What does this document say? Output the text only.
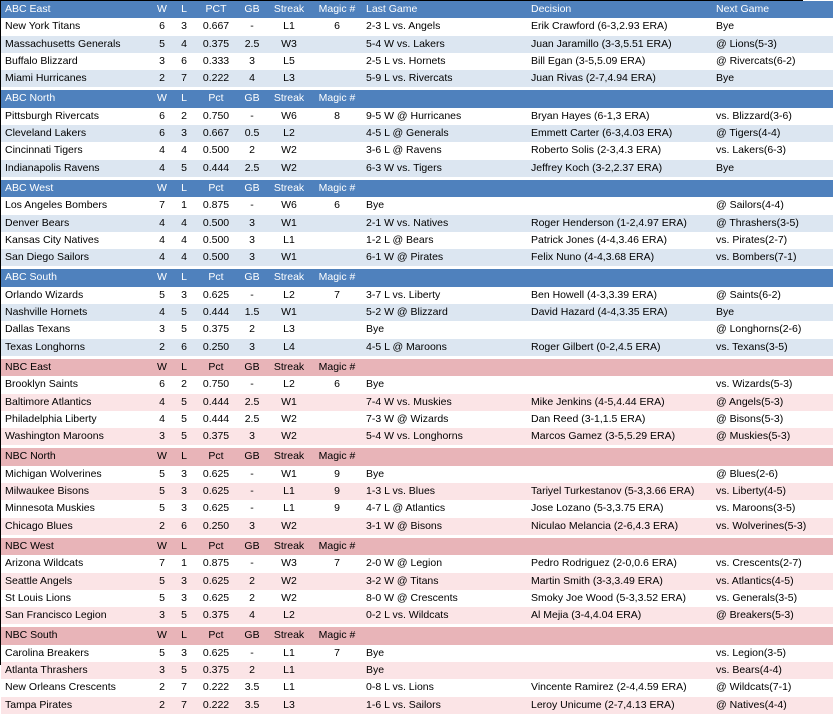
ABC East	W	L	PCT	GB	Streak	Magic #	Last Game	Decision	Next Game
New York Titans	6	3	0.667	-	L1	6	2-3 L vs. Angels	Erik Crawford (6-3,2.93 ERA)	Bye
Massachusetts Generals	5	4	0.375	2.5	W3		5-4 W vs. Lakers	Juan Jaramillo (3-3,5.51 ERA)	@ Lions(5-3)
Buffalo Blizzard	3	6	0.333	3	L5		2-5 L vs. Hornets	Bill Egan (3-5,5.09 ERA)	@ Rivercats(6-2)
Miami Hurricanes	2	7	0.222	4	L3		5-9 L vs. Rivercats	Juan Rivas (2-7,4.94 ERA)	Bye

ABC North	W	L	Pct	GB	Streak	Magic #			
Pittsburgh Rivercats	6	2	0.750	-	W6	8	9-5 W @ Hurricanes	Bryan Hayes (6-1,3 ERA)	vs. Blizzard(3-6)
Cleveland Lakers	6	3	0.667	0.5	L2		4-5 L @ Generals	Emmett Carter (6-3,4.03 ERA)	@ Tigers(4-4)
Cincinnati Tigers	4	4	0.500	2	W2		3-6 L @ Ravens	Roberto Solis (2-3,4.3 ERA)	vs. Lakers(6-3)
Indianapolis Ravens	4	5	0.444	2.5	W2		6-3 W vs. Tigers	Jeffrey Koch (3-2,2.37 ERA)	Bye

ABC West	W	L	Pct	GB	Streak	Magic #			
Los Angeles Bombers	7	1	0.875	-	W6	6	Bye		@ Sailors(4-4)
Denver Bears	4	4	0.500	3	W1		2-1 W vs. Natives	Roger Henderson (1-2,4.97 ERA)	@ Thrashers(3-5)
Kansas City Natives	4	4	0.500	3	L1		1-2 L @ Bears	Patrick Jones (4-4,3.46 ERA)	vs. Pirates(2-7)
San Diego Sailors	4	4	0.500	3	W1		6-1 W @ Pirates	Felix Nuno (4-4,3.68 ERA)	vs. Bombers(7-1)

ABC South	W	L	Pct	GB	Streak	Magic #			
Orlando Wizards	5	3	0.625	-	L2	7	3-7 L vs. Liberty	Ben Howell (4-3,3.39 ERA)	@ Saints(6-2)
Nashville Hornets	4	5	0.444	1.5	W1		5-2 W @ Blizzard	David Hazard (4-4,3.35 ERA)	Bye
Dallas Texans	3	5	0.375	2	L3		Bye		@ Longhorns(2-6)
Texas Longhorns	2	6	0.250	3	L4		4-5 L @ Maroons	Roger Gilbert (0-2,4.5 ERA)	vs. Texans(3-5)

NBC East	W	L	Pct	GB	Streak	Magic #			
Brooklyn Saints	6	2	0.750	-	L2	6	Bye		vs. Wizards(5-3)
Baltimore Atlantics	4	5	0.444	2.5	W1		7-4 W vs. Muskies	Mike Jenkins (4-5,4.44 ERA)	@ Angels(5-3)
Philadelphia Liberty	4	5	0.444	2.5	W2		7-3 W @ Wizards	Dan Reed (3-1,1.5 ERA)	@ Bisons(5-3)
Washington Maroons	3	5	0.375	3	W2		5-4 W vs. Longhorns	Marcos Gamez (3-5,5.29 ERA)	@ Muskies(5-3)

NBC North	W	L	Pct	GB	Streak	Magic #			
Michigan Wolverines	5	3	0.625	-	W1	9	Bye		@ Blues(2-6)
Milwaukee Bisons	5	3	0.625	-	L1	9	1-3 L vs. Blues	Tariyel Turkestanov (5-3,3.66 ERA)	vs. Liberty(4-5)
Minnesota Muskies	5	3	0.625	-	L1	9	4-7 L @ Atlantics	Jose Lozano (5-3,3.75 ERA)	vs. Maroons(3-5)
Chicago Blues	2	6	0.250	3	W2		3-1 W @ Bisons	Niculao Melancia (2-6,4.3 ERA)	vs. Wolverines(5-3)

NBC West	W	L	Pct	GB	Streak	Magic #			
Arizona Wildcats	7	1	0.875	-	W3	7	2-0 W @ Legion	Pedro Rodriguez (2-0,0.6 ERA)	vs. Crescents(2-7)
Seattle Angels	5	3	0.625	2	W2		3-2 W @ Titans	Martin Smith (3-3,3.49 ERA)	vs. Atlantics(4-5)
St Louis Lions	5	3	0.625	2	W2		8-0 W @ Crescents	Smoky Joe Wood (5-3,3.52 ERA)	vs. Generals(3-5)
San Francisco Legion	3	5	0.375	4	L2		0-2 L vs. Wildcats	Al Mejia (3-4,4.04 ERA)	@ Breakers(5-3)

NBC South	W	L	Pct	GB	Streak	Magic #			
Carolina Breakers	5	3	0.625	-	L1	7	Bye		vs. Legion(3-5)
Atlanta Thrashers	3	5	0.375	2	L1		Bye		vs. Bears(4-4)
New Orleans Crescents	2	7	0.222	3.5	L1		0-8 L vs. Lions	Vincente Ramirez (2-4,4.59 ERA)	@ Wildcats(7-1)
Tampa Pirates	2	7	0.222	3.5	L3		1-6 L vs. Sailors	Leroy Unicume (2-7,4.13 ERA)	@ Natives(4-4)
